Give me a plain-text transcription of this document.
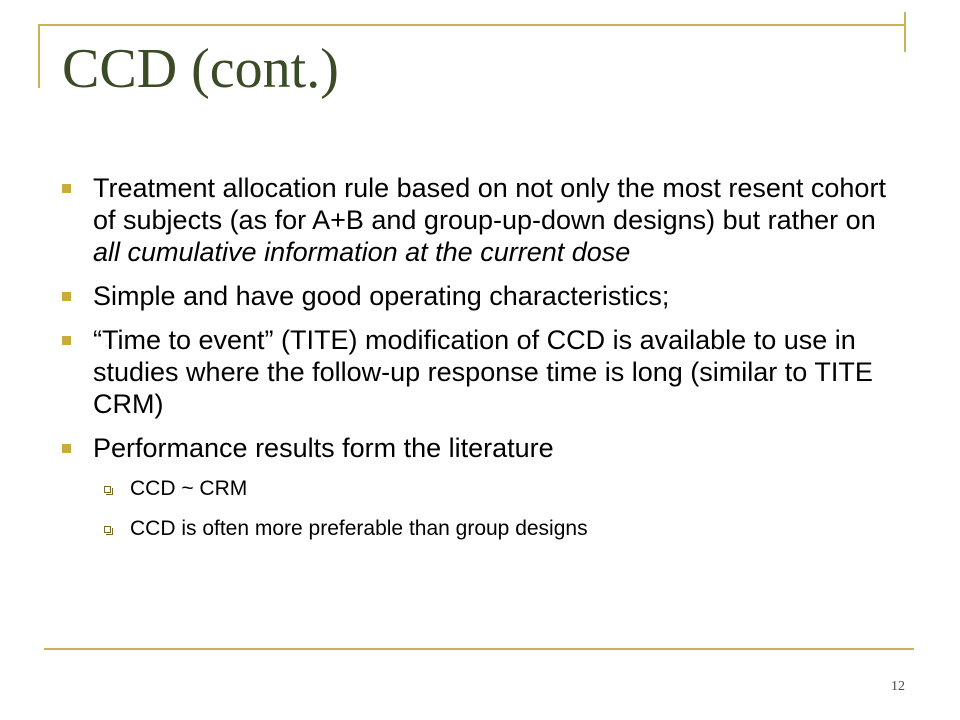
CCD (cont.)
Treatment allocation rule based on not only the most resent cohort of subjects (as for A+B and group-up-down designs) but rather on all cumulative information at the current dose
Simple and have good operating characteristics;
“Time to event” (TITE) modification of CCD is available to use in studies where the follow-up response time is long (similar to TITE CRM)
Performance results form the literature
CCD ~ CRM
CCD is often more preferable than group designs
12
